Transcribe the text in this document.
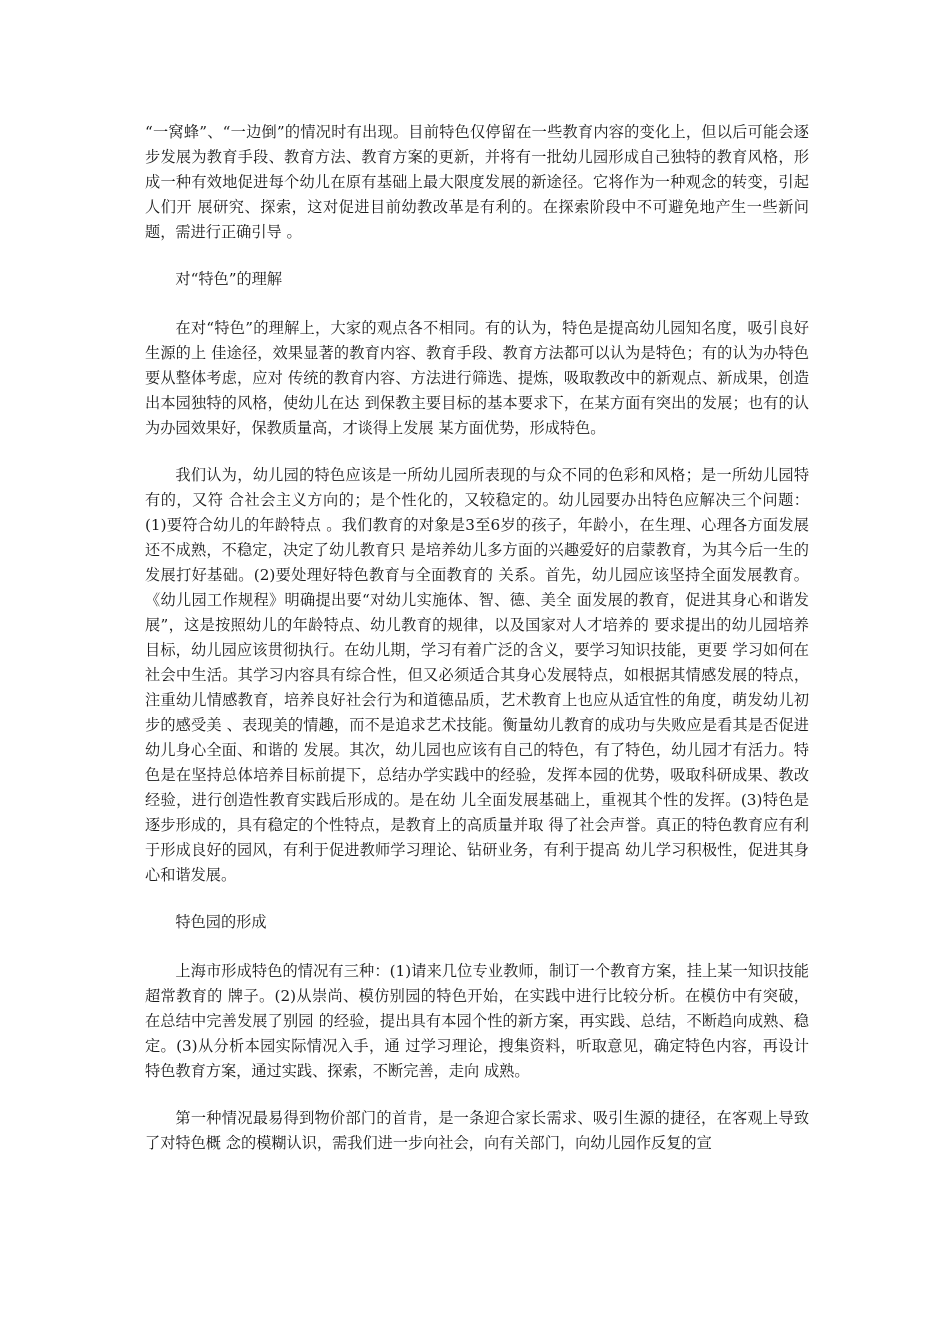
“一窝蜂”、“一边倒”的情况时有出现。目前特色仅停留在一些教育内容的变化上，但以后可能会逐步发展为教育手段、教育方法、教育方案的更新，并将有一批幼儿园形成自己独特的教育风格，形成一种有效地促进每个幼儿在原有基础上最大限度发展的新途径。它将作为一种观念的转变，引起人们开 展研究、探索，这对促进目前幼教改革是有利的。在探索阶段中不可避免地产生一些新问题，需进行正确引导 。

对“特色”的理解

在对“特色”的理解上，大家的观点各不相同。有的认为，特色是提高幼儿园知名度，吸引良好生源的上 佳途径，效果显著的教育内容、教育手段、教育方法都可以认为是特色；有的认为办特色要从整体考虑，应对 传统的教育内容、方法进行筛选、提炼，吸取教改中的新观点、新成果，创造出本园独特的风格，使幼儿在达 到保教主要目标的基本要求下，在某方面有突出的发展；也有的认为办园效果好，保教质量高，才谈得上发展 某方面优势，形成特色。

我们认为，幼儿园的特色应该是一所幼儿园所表现的与众不同的色彩和风格；是一所幼儿园特有的，又符 合社会主义方向的；是个性化的，又较稳定的。幼儿园要办出特色应解决三个问题：(1)要符合幼儿的年龄特点 。我们教育的对象是3至6岁的孩子，年龄小，在生理、心理各方面发展还不成熟，不稳定，决定了幼儿教育只 是培养幼儿多方面的兴趣爱好的启蒙教育，为其今后一生的发展打好基础。(2)要处理好特色教育与全面教育的 关系。首先，幼儿园应该坚持全面发展教育。《幼儿园工作规程》明确提出要“对幼儿实施体、智、德、美全 面发展的教育，促进其身心和谐发展”，这是按照幼儿的年龄特点、幼儿教育的规律，以及国家对人才培养的 要求提出的幼儿园培养目标，幼儿园应该贯彻执行。在幼儿期，学习有着广泛的含义，要学习知识技能，更要 学习如何在社会中生活。其学习内容具有综合性，但又必须适合其身心发展特点，如根据其情感发展的特点，注重幼儿情感教育，培养良好社会行为和道德品质，艺术教育上也应从适宜性的角度，萌发幼儿初步的感受美 、表现美的情趣，而不是追求艺术技能。衡量幼儿教育的成功与失败应是看其是否促进幼儿身心全面、和谐的 发展。其次，幼儿园也应该有自己的特色，有了特色，幼儿园才有活力。特色是在坚持总体培养目标前提下，总结办学实践中的经验，发挥本园的优势，吸取科研成果、教改经验，进行创造性教育实践后形成的。是在幼 儿全面发展基础上，重视其个性的发挥。(3)特色是逐步形成的，具有稳定的个性特点，是教育上的高质量并取 得了社会声誉。真正的特色教育应有利于形成良好的园风，有利于促进教师学习理论、钻研业务，有利于提高 幼儿学习积极性，促进其身心和谐发展。

特色园的形成

上海市形成特色的情况有三种：(1)请来几位专业教师，制订一个教育方案，挂上某一知识技能超常教育的 牌子。(2)从崇尚、模仿别园的特色开始，在实践中进行比较分析。在模仿中有突破，在总结中完善发展了别园 的经验，提出具有本园个性的新方案，再实践、总结，不断趋向成熟、稳定。(3)从分析本园实际情况入手，通 过学习理论，搜集资料，听取意见，确定特色内容，再设计特色教育方案，通过实践、探索，不断完善，走向 成熟。

第一种情况最易得到物价部门的首肯，是一条迎合家长需求、吸引生源的捷径，在客观上导致了对特色概 念的模糊认识，需我们进一步向社会，向有关部门，向幼儿园作反复的宣
